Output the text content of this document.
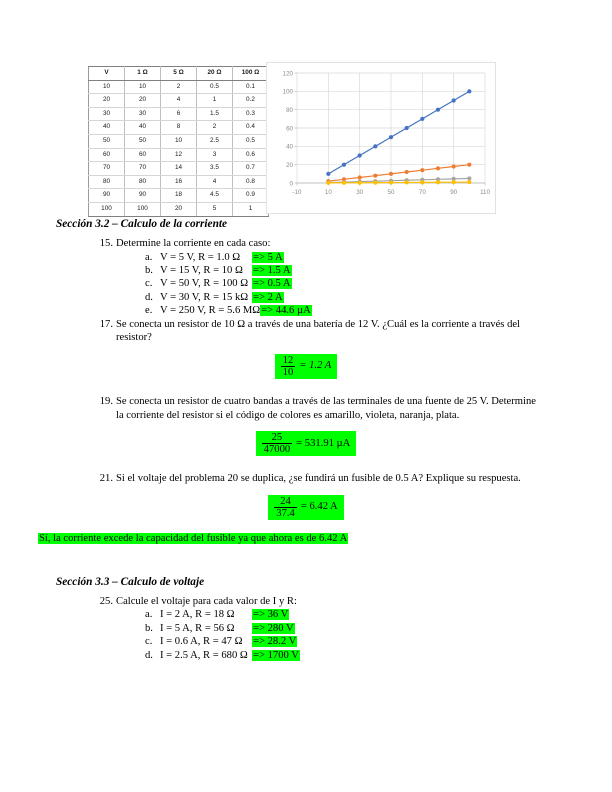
V	1 Ω	5 Ω	20 Ω	100 Ω
10	10	2	0.5	0.1
20	20	4	1	0.2
30	30	6	1.5	0.3
40	40	8	2	0.4
50	50	10	2.5	0.5
60	60	12	3	0.6
70	70	14	3.5	0.7
80	80	16	4	0.8
90	90	18	4.5	0.9
100	100	20	5	1
0
20
40
60
80
100
120
-10	10	30	50	70	90	110
Sección 3.2 – Calculo de la corriente
15. Determine la corriente en cada caso:
a. V = 5 V, R = 1.0 Ω => 5 A
b. V = 15 V, R = 10 Ω => 1.5 A
c. V = 50 V, R = 100 Ω => 0.5 A
d. V = 30 V, R = 15 kΩ => 2 A
e. V = 250 V, R = 5.6 MΩ=> 44.6 µA
17. Se conecta un resistor de 10 Ω a través de una batería de 12 V. ¿Cuál es la corriente a través del resistor?
$\frac{12}{10} = 1.2$ A
19. Se conecta un resistor de cuatro bandas a través de las terminales de una fuente de 25 V. Determine la corriente del resistor si el código de colores es amarillo, violeta, naranja, plata.
$\frac{25}{47000} = 531.91$ µA
21. Si el voltaje del problema 20 se duplica, ¿se fundirá un fusible de 0.5 A? Explique su respuesta.
$\frac{24}{37.4} = 6.42$ A
Sí, la corriente excede la capacidad del fusible ya que ahora es de 6.42 A
Sección 3.3 – Calculo de voltaje
25. Calcule el voltaje para cada valor de I y R:
a. I = 2 A, R = 18 Ω => 36 V
b. I = 5 A, R = 56 Ω => 280 V
c. I = 0.6 A, R = 47 Ω => 28.2 V
d. I = 2.5 A, R = 680 Ω => 1700 V
